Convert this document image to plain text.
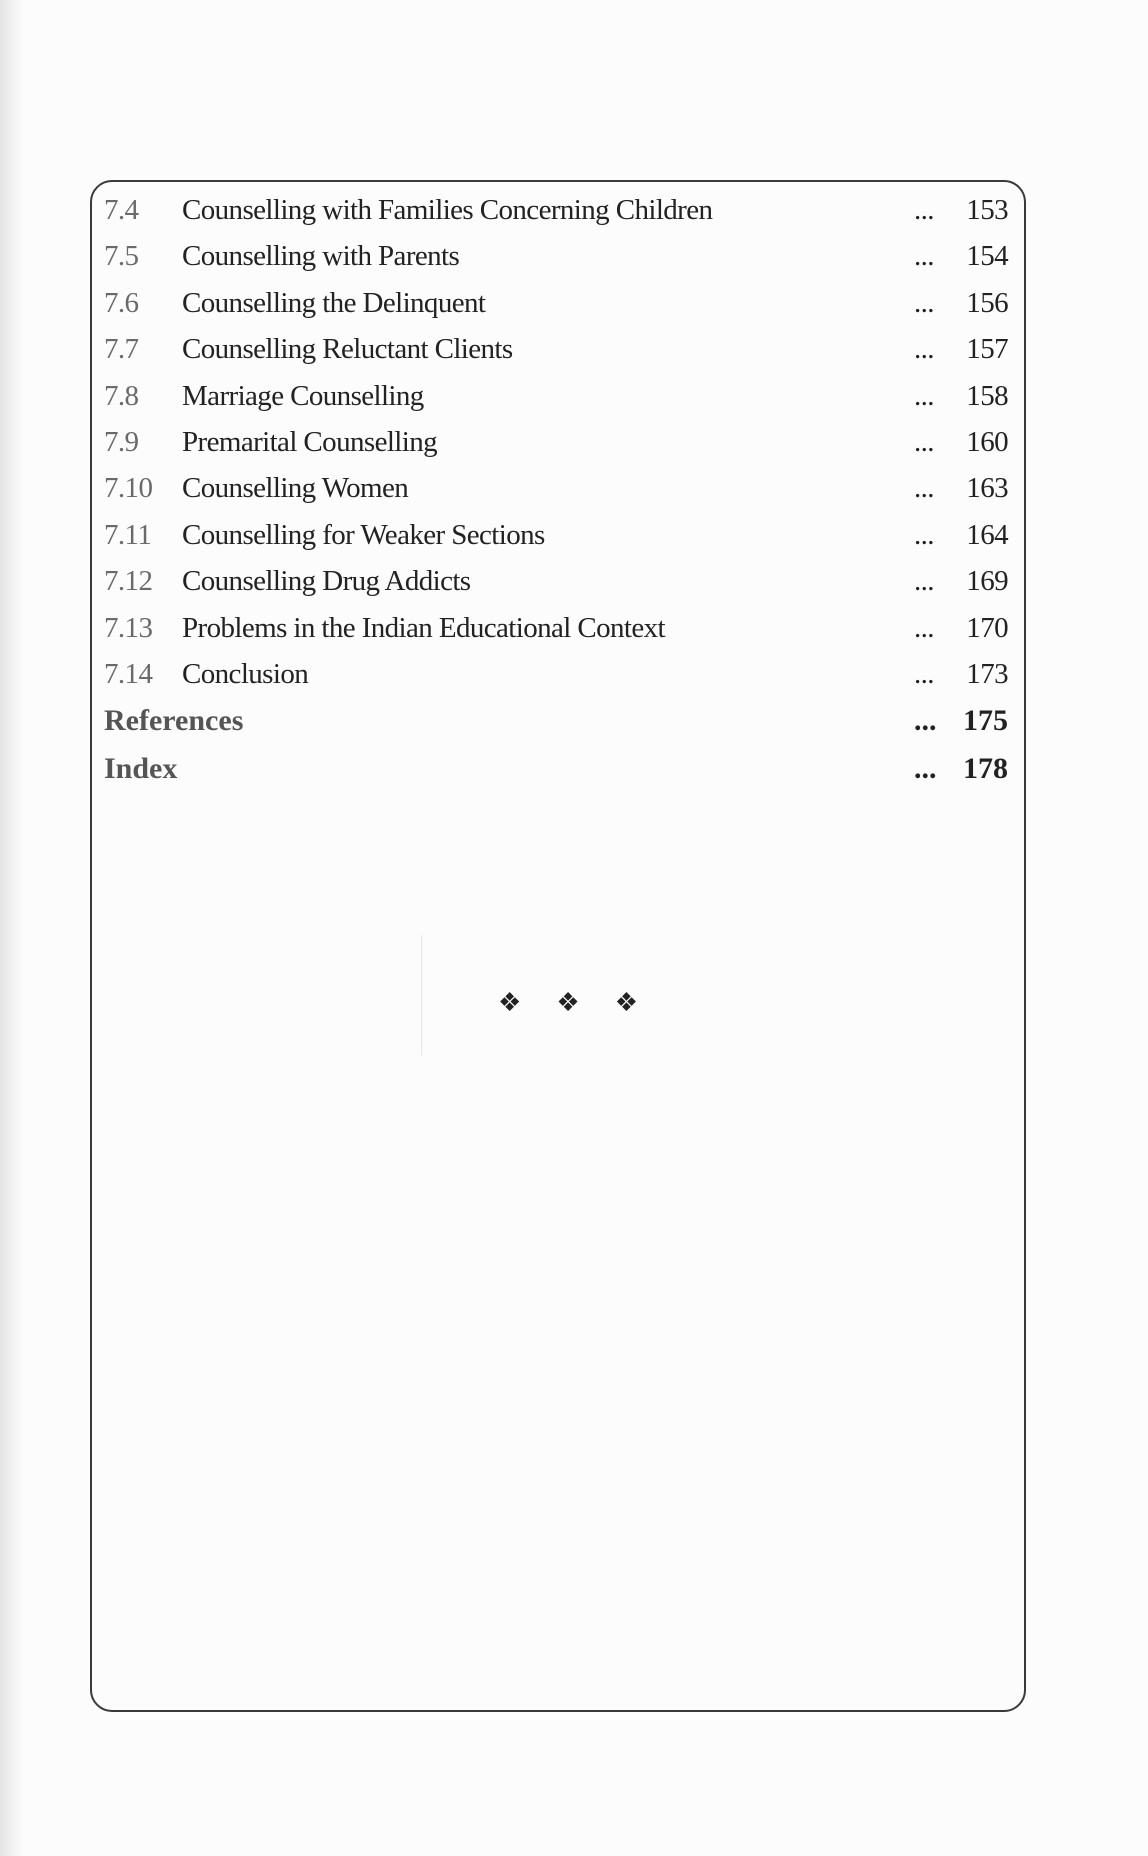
7.4 Counselling with Families Concerning Children	... 153
7.5 Counselling with Parents	... 154
7.6 Counselling the Delinquent	... 156
7.7 Counselling Reluctant Clients	... 157
7.8 Marriage Counselling	... 158
7.9 Premarital Counselling	... 160
7.10 Counselling Women	... 163
7.11 Counselling for Weaker Sections	... 164
7.12 Counselling Drug Addicts	... 169
7.13 Problems in the Indian Educational Context	... 170
7.14 Conclusion	... 173
References	... 175
Index	... 178
❖ ❖ ❖
